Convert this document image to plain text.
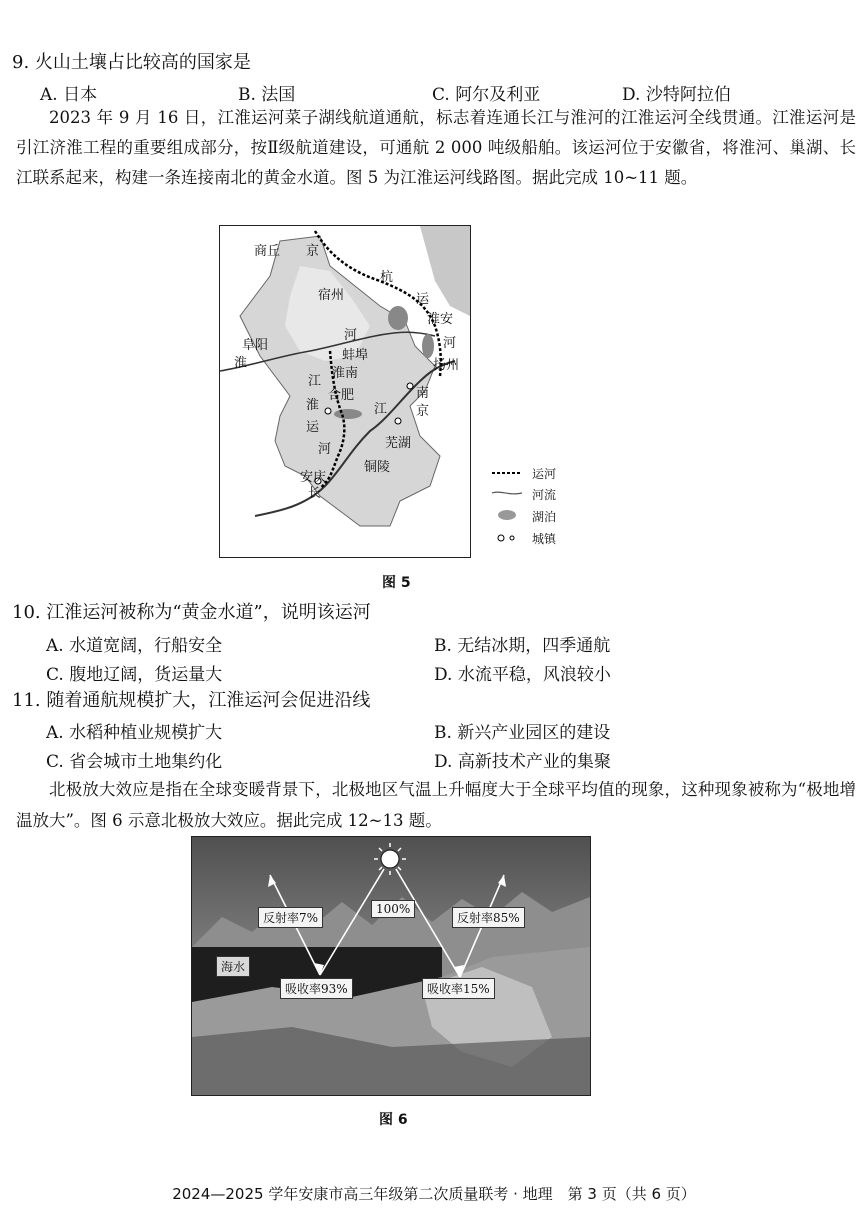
9. 火山土壤占比较高的国家是
A. 日本	B. 法国	C. 阿尔及利亚	D. 沙特阿拉伯
2023 年 9 月 16 日，江淮运河菜子湖线航道通航，标志着连通长江与淮河的江淮运河全线贯通。江淮运河是引江济淮工程的重要组成部分，按Ⅱ级航道建设，可通航 2 000 吨级船舶。该运河位于安徽省，将淮河、巢湖、长江联系起来，构建一条连接南北的黄金水道。图 5 为江淮运河线路图。据此完成 10~11 题。
商丘 京
杭
宿州	运
淮安
河
河
阜阳
蚌埠
淮	扬州
淮南
江
南
合肥
淮	江 京
运
芜湖
河
铜陵
安庆
长
运河
河流
湖泊
城镇
图 5
10. 江淮运河被称为“黄金水道”，说明该运河
A. 水道宽阔，行船安全	B. 无结冰期，四季通航
C. 腹地辽阔，货运量大	D. 水流平稳，风浪较小
11. 随着通航规模扩大，江淮运河会促进沿线
A. 水稻种植业规模扩大	B. 新兴产业园区的建设
C. 省会城市土地集约化	D. 高新技术产业的集聚
北极放大效应是指在全球变暖背景下，北极地区气温上升幅度大于全球平均值的现象，这种现象被称为“极地增温放大”。图 6 示意北极放大效应。据此完成 12~13 题。
100%
反射率7%	反射率85%
海水
吸收率93%	吸收率15%
图 6
2024—2025 学年安康市高三年级第二次质量联考 · 地理　第 3 页（共 6 页）
